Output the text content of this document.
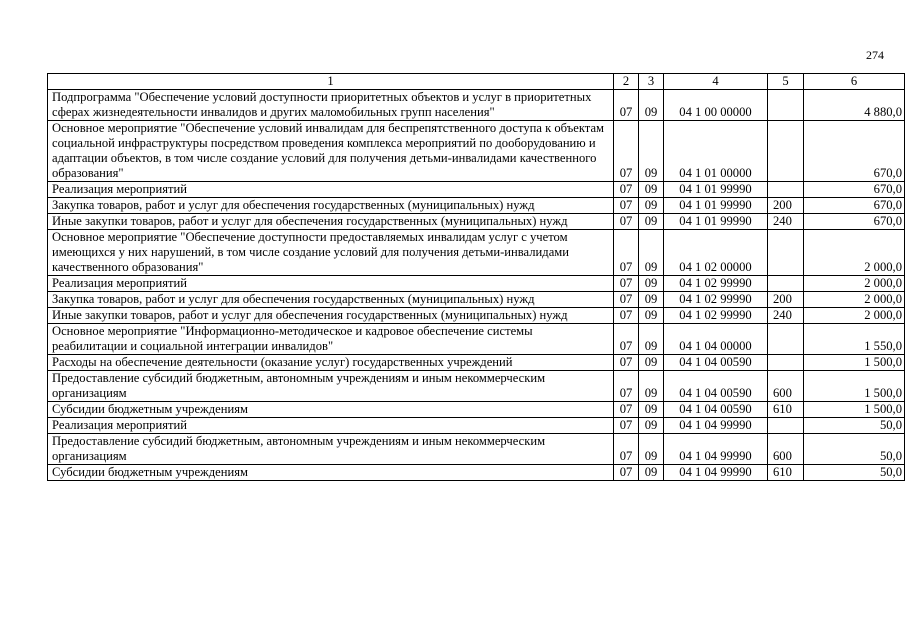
274
1	2	3	4	5	6
Подпрограмма "Обеспечение условий доступности приоритетных объектов и услуг в приоритетных сферах жизнедеятельности инвалидов и других маломобильных групп населения"	07	09	04 1 00 00000		4 880,0
Основное мероприятие "Обеспечение условий инвалидам для беспрепятственного доступа к объектам социальной инфраструктуры посредством проведения комплекса мероприятий по дооборудованию и адаптации объектов, в том числе создание условий для получения детьми-инвалидами качественного образования"	07	09	04 1 01 00000		670,0
Реализация мероприятий	07	09	04 1 01 99990		670,0
Закупка товаров, работ и услуг для обеспечения государственных (муниципальных) нужд	07	09	04 1 01 99990	200	670,0
Иные закупки товаров, работ и услуг для обеспечения государственных (муниципальных) нужд	07	09	04 1 01 99990	240	670,0
Основное мероприятие "Обеспечение доступности предоставляемых инвалидам услуг с учетом имеющихся у них нарушений, в том числе создание условий для получения детьми-инвалидами качественного образования"	07	09	04 1 02 00000		2 000,0
Реализация мероприятий	07	09	04 1 02 99990		2 000,0
Закупка товаров, работ и услуг для обеспечения государственных (муниципальных) нужд	07	09	04 1 02 99990	200	2 000,0
Иные закупки товаров, работ и услуг для обеспечения государственных (муниципальных) нужд	07	09	04 1 02 99990	240	2 000,0
Основное мероприятие "Информационно-методическое и кадровое обеспечение системы реабилитации и социальной интеграции инвалидов"	07	09	04 1 04 00000		1 550,0
Расходы на обеспечение деятельности (оказание услуг) государственных учреждений	07	09	04 1 04 00590		1 500,0
Предоставление субсидий бюджетным, автономным учреждениям и иным некоммерческим организациям	07	09	04 1 04 00590	600	1 500,0
Субсидии бюджетным учреждениям	07	09	04 1 04 00590	610	1 500,0
Реализация мероприятий	07	09	04 1 04 99990		50,0
Предоставление субсидий бюджетным, автономным учреждениям и иным некоммерческим организациям	07	09	04 1 04 99990	600	50,0
Субсидии бюджетным учреждениям	07	09	04 1 04 99990	610	50,0
